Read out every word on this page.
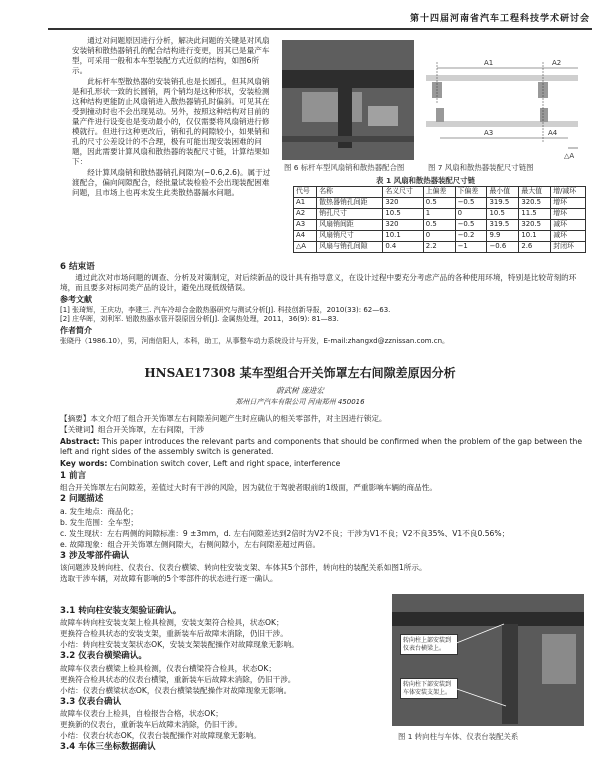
第十四届河南省汽车工程科技学术研讨会

通过对问题原因进行分析，解决此问题的关键是对风扇安装销和散热器销孔的配合结构进行变更，因其已是量产车型，可采用一般和本车型装配方式近似的结构，如图6所示。

此标杆车型散热器的安装销孔也是长圆孔，但其风扇销是和孔形状一致的长圆销，两个销均是这种形状，安装检测这种结构更能防止风扇销进入散热器销孔时偏斜。可见其在受到撞动时也不会出现晃动。另外，按照这种结构对目前的量产件进行设变也是变动最小的，仅仅需要将风扇销进行修模就行。但进行这种更改后，销和孔的间隙较小，如果销和孔的尺寸公差设计的不合理，极有可能出现安装困难的问题，因此需要计算风扇和散热器的装配尺寸链，计算结果如下：

经计算风扇销和散热器销孔间隙为(−0.6,2.6)。属于过渡配合，偏向间隙配合，经批量试装检验不会出现装配困难问题，且市场上也再未发生此类散热器漏水问题。

图 6 标杆车型风扇销和散热器配合图
A1	A2
A3	A4
△A
图 7 风扇和散热器装配尺寸链图
表 1 风扇和散热器装配尺寸链
代号	名称	名义尺寸	上偏差	下偏差	最小值	最大值	增/减环
A1	散热器销孔间距	320	0.5	−0.5	319.5	320.5	增环
A2	销孔尺寸	10.5	1	0	10.5	11.5	增环
A3	风扇销间距	320	0.5	−0.5	319.5	320.5	减环
A4	风扇销尺寸	10.1	0	−0.2	9.9	10.1	减环
△A	风扇与销孔间隙	0.4	2.2	−1	−0.6	2.6	封闭环

6 结束语

通过此次对市场问题的调查、分析及对策制定，对后续新品的设计具有指导意义，在设计过程中要充分考虑产品的各种使用环境，特别是比较苛刻的环境，而且要多对标同类产品的设计，避免出现低级错误。

参考文献

[1] 张琦辉，王庆功，李建三. 汽车冷却合金散热器研究与测试分析[J]. 科技创新导报，2010(33): 62—63.

[2] 庄华晖，刘利军. 铝散热器水管开裂原因分析[J]. 金属热处理，2011，36(9): 81—83.

作者简介

张晓丹（1986.10），男，河南信阳人，本科，助工，从事整车动力系统设计与开发，E-mail:zhangxd@zznissan.com.cn。

HNSAE17308 某车型组合开关饰罩左右间隙差原因分析
蔚武树 庞进宏
郑州日产汽车有限公司 河南郑州 450016

【摘要】本文介绍了组合开关饰罩左右间隙差问题产生时应确认的相关零部件，对主因进行锁定。

【关键词】组合开关饰罩，左右间隙，干涉

Abstract: This paper introduces the relevant parts and components that should be confirmed when the problem of the gap between the left and right sides of the assembly switch is generated.

Key words: Combination switch cover, Left and right space, interference

1 前言

组合开关饰罩左右间隙差，差值过大时有干涉的风险，因为就位于驾驶者眼前的1级面，严重影响车辆的商品性。

2 问题描述

a. 发生地点：商品化；

b. 发生范围：全车型；

c. 发生现状：左右两侧的间隙标准：9 ±3mm，d. 左右间隙差达到2倍时为V2不良；干涉为V1不良；V2不良35%、V1不良0.56%；

e. 故障现象：组合开关饰罩左侧间隙大，右侧间隙小，左右间隙差超过两倍。

3 涉及零部件确认

该问题涉及转向柱、仪表台、仪表台横梁、转向柱安装支架、车体其5个部件，转向柱的装配关系如图1所示。

选取干涉车辆，对故障有影响的5个零部件的状态进行逐一确认。

3.1 转向柱安装支架验证确认。

故障车转向柱安装支架上检具检测，安装支架符合检具，状态OK；

更换符合检具状态的安装支架，重新装车后故障未消除，仍旧干涉。

小结：转向柱安装支架状态OK，安装支架装配操作对故障现象无影响。

3.2 仪表台横梁确认。

故障车仪表台横梁上检具检测，仪表台横梁符合检具，状态OK；

更换符合检具状态的仪表台横梁，重新装车后故障未消除，仍旧干涉。

小结：仪表台横梁状态OK，仪表台横梁装配操作对故障现象无影响。

3.3 仪表台确认

故障车仪表台上检具，自检报告合格，状态OK；

更换新的仪表台，重新装车后故障未消除，仍旧干涉。

小结：仪表台状态OK，仪表台装配操作对故障现象无影响。

3.4 车体三坐标数据确认

转向柱上部安装到仪表台横梁上。
转向柱下部安装到车体安装支架上。
图 1 转向柱与车体、仪表台装配关系
